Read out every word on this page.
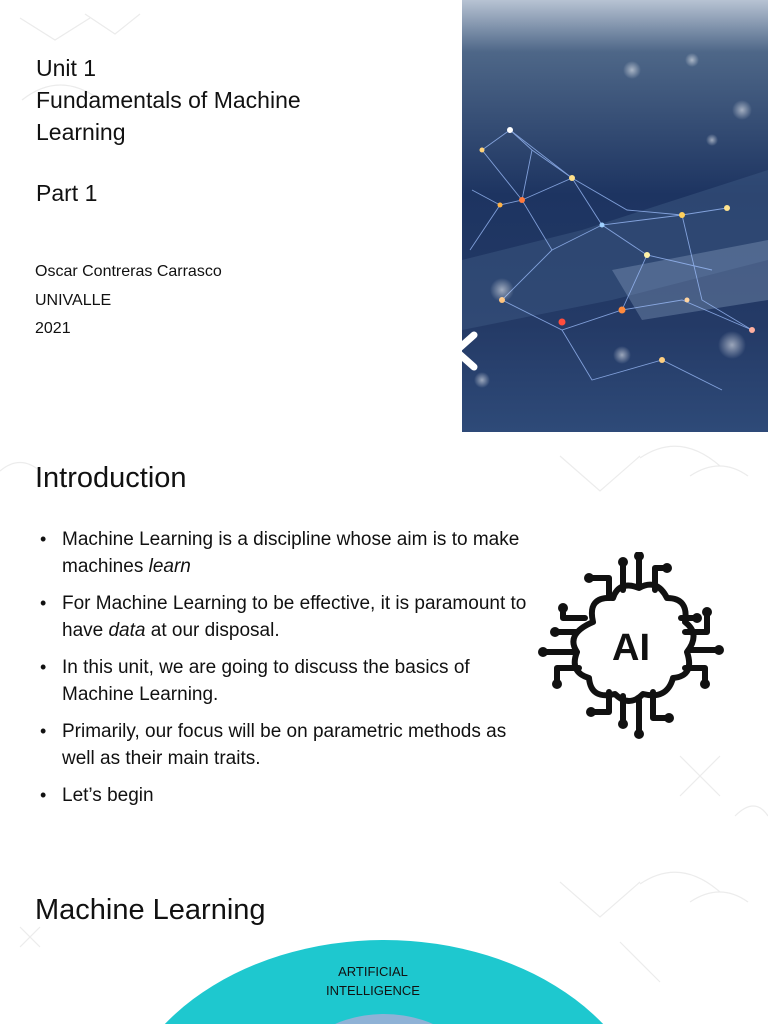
Unit 1
Fundamentals of Machine
Learning
Part 1
Oscar Contreras Carrasco
UNIVALLE
2021
Introduction
• Machine Learning is a discipline whose aim is to make machines learn
• For Machine Learning to be effective, it is paramount to have data at our disposal.
• In this unit, we are going to discuss the basics of Machine Learning.
• Primarily, our focus will be on parametric methods as well as their main traits.
• Let’s begin
AI
Machine Learning
ARTIFICIAL
INTELLIGENCE
